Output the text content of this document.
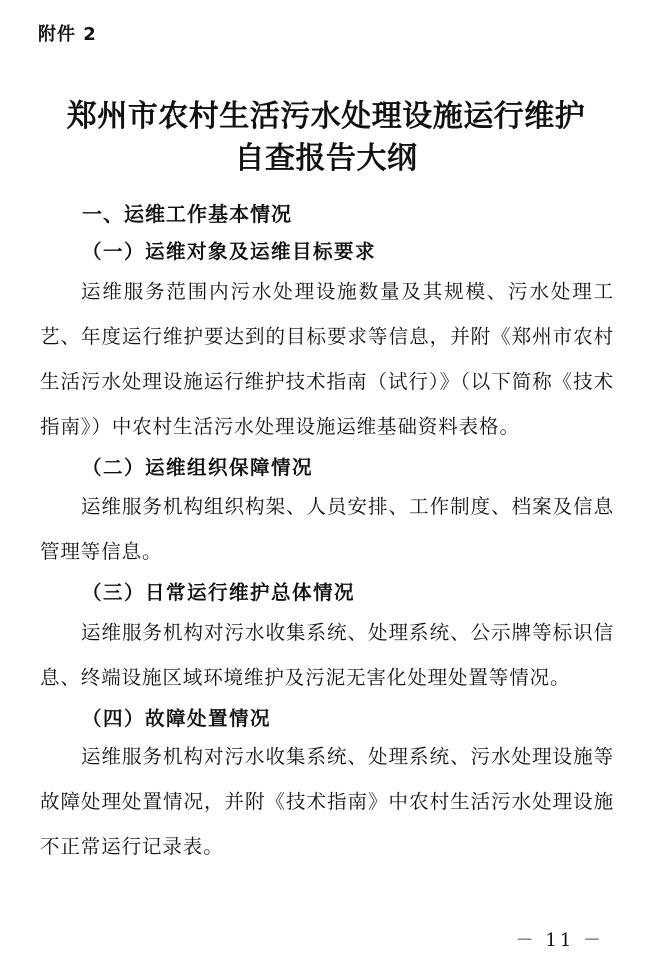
附件 2
郑州市农村生活污水处理设施运行维护
自查报告大纲
一、运维工作基本情况
（一）运维对象及运维目标要求

运维服务范围内污水处理设施数量及其规模、污水处理工艺、年度运行维护要达到的目标要求等信息，并附《郑州市农村生活污水处理设施运行维护技术指南（试行）》（以下简称《技术指南》）中农村生活污水处理设施运维基础资料表格。

（二）运维组织保障情况

运维服务机构组织构架、人员安排、工作制度、档案及信息管理等信息。

（三）日常运行维护总体情况

运维服务机构对污水收集系统、处理系统、公示牌等标识信息、终端设施区域环境维护及污泥无害化处理处置等情况。

（四）故障处置情况

运维服务机构对污水收集系统、处理系统、污水处理设施等故障处理处置情况，并附《技术指南》中农村生活污水处理设施不正常运行记录表。

－ 11 －
